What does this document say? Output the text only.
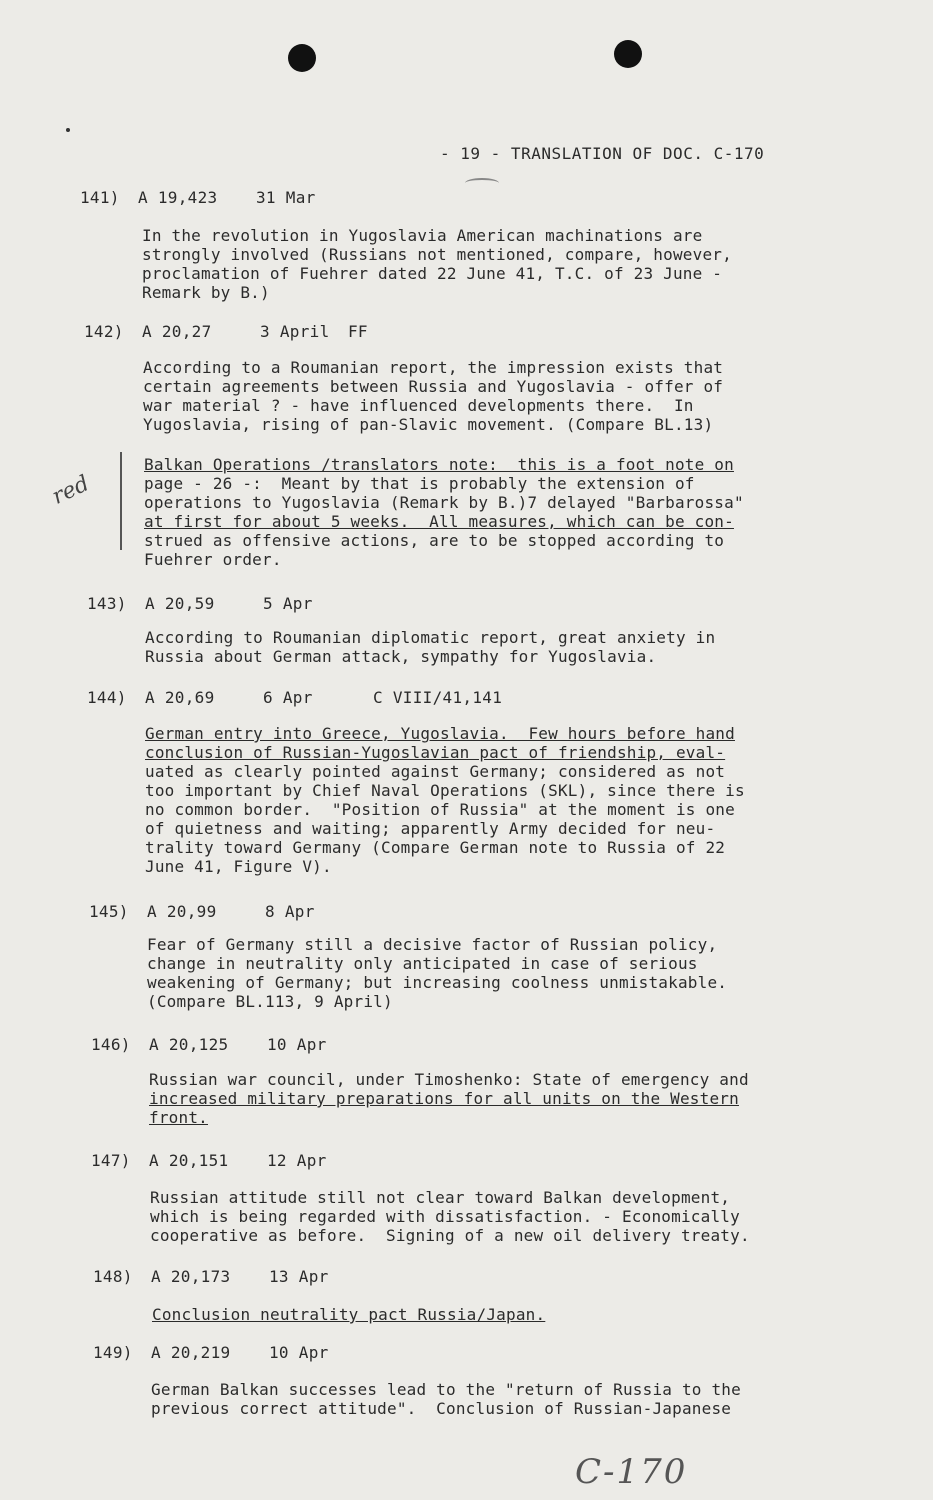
- 19 - TRANSLATION OF DOC. C-170
141) A 19,423 31 Mar
In the revolution in Yugoslavia American machinations are
strongly involved (Russians not mentioned, compare, however,
proclamation of Fuehrer dated 22 June 41, T.C. of 23 June -
Remark by B.)
142) A 20,27	3 April FF
According to a Roumanian report, the impression exists that
certain agreements between Russia and Yugoslavia - offer of
war material ? - have influenced developments there.  In
Yugoslavia, rising of pan-Slavic movement. (Compare BL.13)
red
Balkan Operations /translators note:  this is a foot note on
page - 26 -:  Meant by that is probably the extension of
operations to Yugoslavia (Remark by B.)7 delayed "Barbarossa"
at first for about 5 weeks.  All measures, which can be con-
strued as offensive actions, are to be stopped according to
Fuehrer order.
143) A 20,59	5 Apr
According to Roumanian diplomatic report, great anxiety in
Russia about German attack, sympathy for Yugoslavia.
144) A 20,69	6 Apr	C VIII/41,141
German entry into Greece, Yugoslavia.  Few hours before hand
conclusion of Russian-Yugoslavian pact of friendship, eval-
uated as clearly pointed against Germany; considered as not
too important by Chief Naval Operations (SKL), since there is
no common border.  "Position of Russia" at the moment is one
of quietness and waiting; apparently Army decided for neu-
trality toward Germany (Compare German note to Russia of 22
June 41, Figure V).
145) A 20,99	8 Apr
Fear of Germany still a decisive factor of Russian policy,
change in neutrality only anticipated in case of serious
weakening of Germany; but increasing coolness unmistakable.
(Compare BL.113, 9 April)
146) A 20,125 10 Apr
Russian war council, under Timoshenko: State of emergency and
increased military preparations for all units on the Western
front.
147) A 20,151 12 Apr
Russian attitude still not clear toward Balkan development,
which is being regarded with dissatisfaction. - Economically
cooperative as before.  Signing of a new oil delivery treaty.
148) A 20,173 13 Apr
Conclusion neutrality pact Russia/Japan.
149) A 20,219 10 Apr
German Balkan successes lead to the "return of Russia to the
previous correct attitude".  Conclusion of Russian-Japanese
C-170
